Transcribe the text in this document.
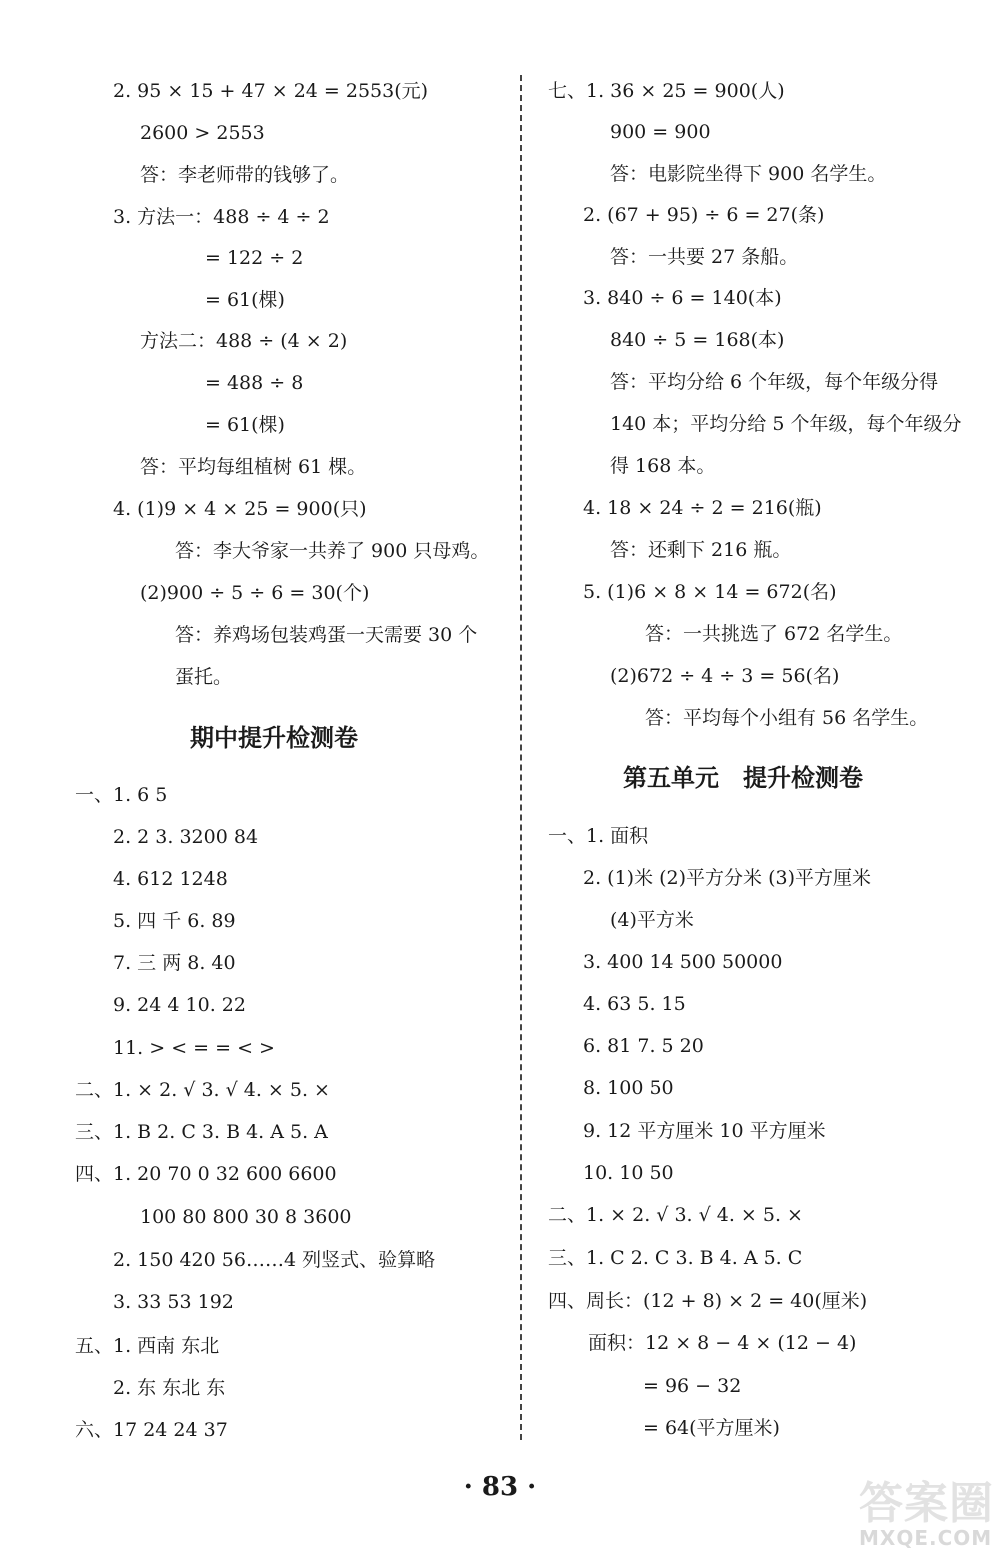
2. 95 × 15 + 47 × 24 = 2553(元)
2600 > 2553
答：李老师带的钱够了。
3. 方法一：488 ÷ 4 ÷ 2
= 122 ÷ 2
= 61(棵)
方法二：488 ÷ (4 × 2)
= 488 ÷ 8
= 61(棵)
答：平均每组植树 61 棵。
4. (1)9 × 4 × 25 = 900(只)
答：李大爷家一共养了 900 只母鸡。
(2)900 ÷ 5 ÷ 6 = 30(个)
答：养鸡场包装鸡蛋一天需要 30 个
蛋托。
期中提升检测卷
一、1. 6 5
2. 2 3. 3200 84
4. 612 1248
5. 四 千 6. 89
7. 三 两 8. 40
9. 24 4 10. 22
11. > < = = < >
二、1. × 2. √ 3. √ 4. × 5. ×
三、1. B 2. C 3. B 4. A 5. A
四、1. 20 70 0 32 600 6600
100 80 800 30 8 3600
2. 150 420 56……4 列竖式、验算略
3. 33 53 192
五、1. 西南 东北
2. 东 东北 东
六、17 24 24 37
七、1. 36 × 25 = 900(人)
900 = 900
答：电影院坐得下 900 名学生。
2. (67 + 95) ÷ 6 = 27(条)
答：一共要 27 条船。
3. 840 ÷ 6 = 140(本)
840 ÷ 5 = 168(本)
答：平均分给 6 个年级，每个年级分得
140 本；平均分给 5 个年级，每个年级分
得 168 本。
4. 18 × 24 ÷ 2 = 216(瓶)
答：还剩下 216 瓶。
5. (1)6 × 8 × 14 = 672(名)
答：一共挑选了 672 名学生。
(2)672 ÷ 4 ÷ 3 = 56(名)
答：平均每个小组有 56 名学生。
第五单元　提升检测卷
一、1. 面积
2. (1)米 (2)平方分米 (3)平方厘米
(4)平方米
3. 400 14 500 50000
4. 63 5. 15
6. 81 7. 5 20
8. 100 50
9. 12 平方厘米 10 平方厘米
10. 10 50
二、1. × 2. √ 3. √ 4. × 5. ×
三、1. C 2. C 3. B 4. A 5. C
四、周长：(12 + 8) × 2 = 40(厘米)
面积：12 × 8 − 4 × (12 − 4)
= 96 − 32
= 64(平方厘米)
· 83 ·	答案圈
MXQE.COM
